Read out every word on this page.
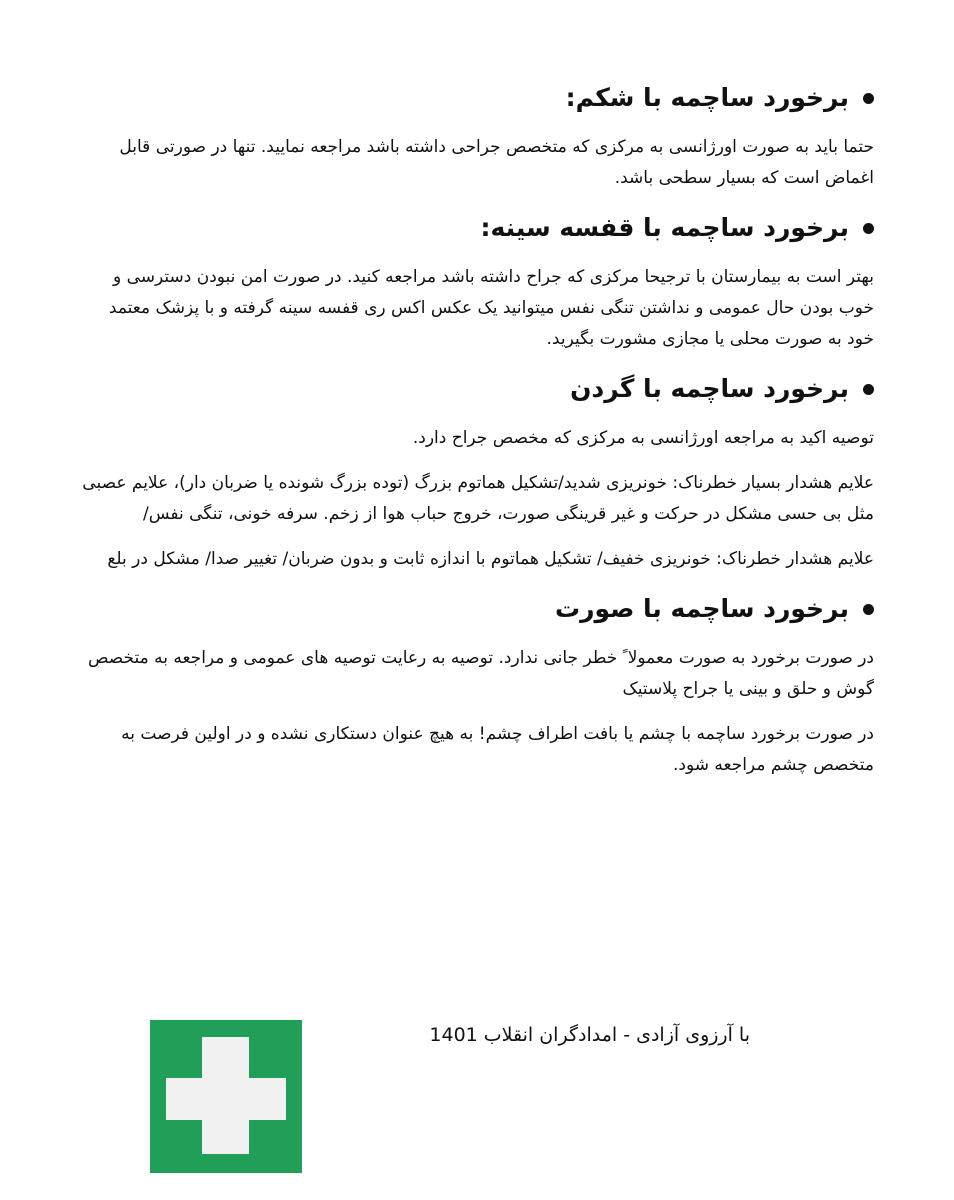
برخورد ساچمه با شکم:

حتما باید به صورت اورژانسی به مرکزی که متخصص جراحی داشته باشد مراجعه نمایید. تنها در صورتی قابل اغماض است که بسیار سطحی باشد.

برخورد ساچمه با قفسه سینه:

بهتر است به بیمارستان با ترجیحا مرکزی که جراح داشته باشد مراجعه کنید. در صورت امن نبودن دسترسی و خوب بودن حال عمومی و نداشتن تنگی نفس میتوانید یک عکس اکس ری قفسه سینه گرفته و با پزشک معتمد خود به صورت محلی یا مجازی مشورت بگیرید.

برخورد ساچمه با گردن

توصیه اکید به مراجعه اورژانسی به مرکزی که مخصص جراح دارد.

علایم هشدار بسیار خطرناک: خونریزی شدید/تشکیل هماتوم بزرگ (توده بزرگ شونده یا ضربان دار)، علایم عصبی مثل بی حسی مشکل در حرکت و غیر قرینگی صورت، خروج حباب هوا از زخم. سرفه خونی، تنگی نفس/

علایم هشدار خطرناک: خونریزی خفیف/ تشکیل هماتوم با اندازه ثابت و بدون ضربان/ تغییر صدا/ مشکل در بلع

برخورد ساچمه با صورت

در صورت برخورد به صورت معمولا ً خطر جانی ندارد. توصیه به رعایت توصیه های عمومی و مراجعه به متخصص گوش و حلق و بینی یا جراح پلاستیک

در صورت برخورد ساچمه با چشم یا بافت اطراف چشم! به هیچ عنوان دستکاری نشده و در اولین فرصت به متخصص چشم مراجعه شود.

با آرزوی آزادی - امدادگران انقلاب 1401
